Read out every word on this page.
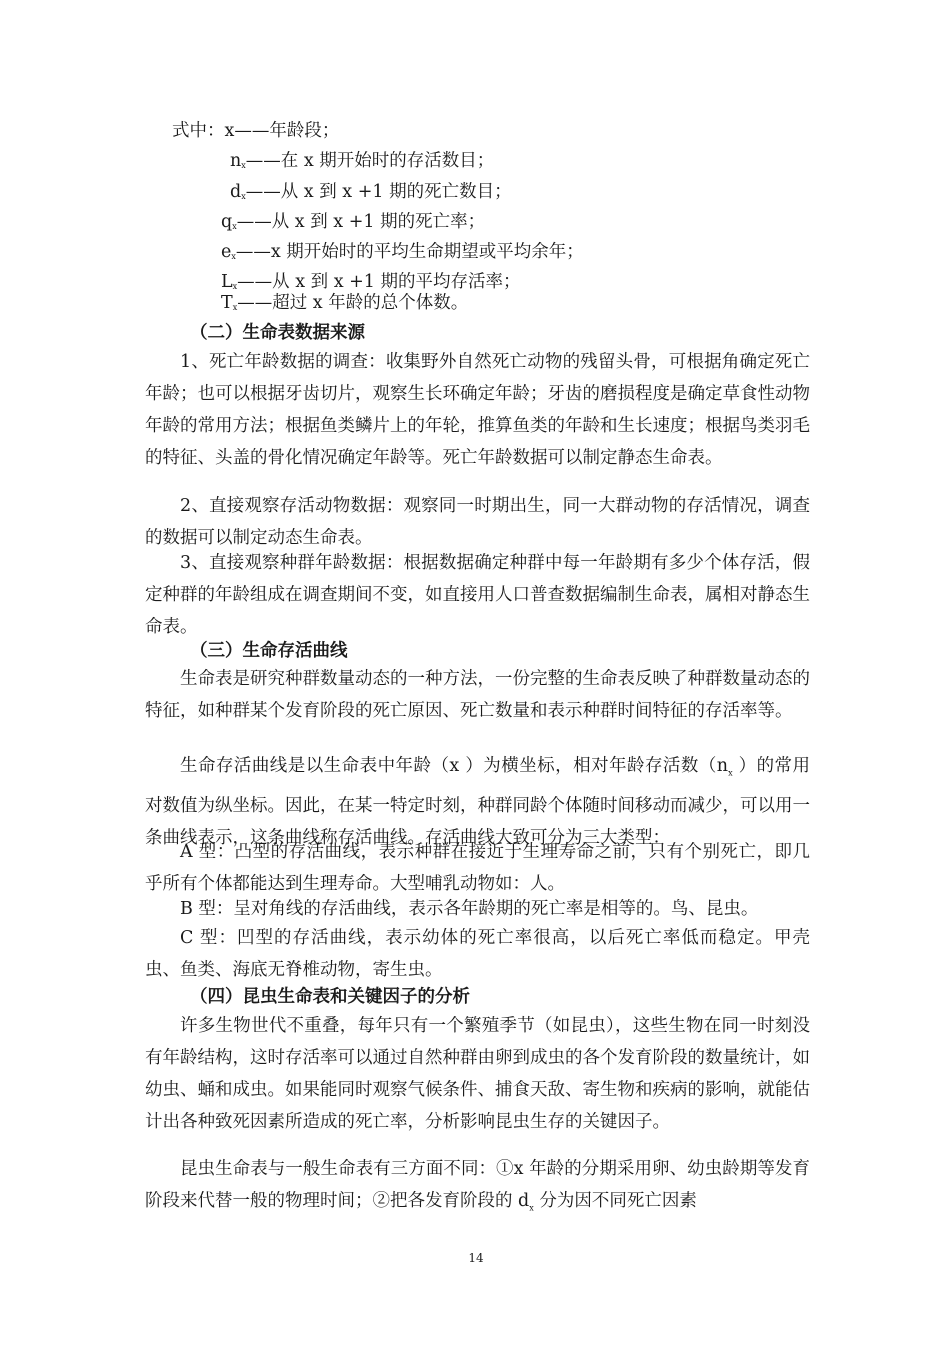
式中：x——年龄段；
$n_x——$在 x 期开始时的存活数目；
$d_x——$从 x 到 x +1 期的死亡数目；
$q_x——$从 x 到 x +1 期的死亡率；
$e_x——x$ 期开始时的平均生命期望或平均余年；
$L_x——$从 x 到 x +1 期的平均存活率；
$T_x——$超过 x 年龄的总个体数。
（二）生命表数据来源

1、死亡年龄数据的调查：收集野外自然死亡动物的残留头骨，可根据角确定死亡年龄；也可以根据牙齿切片，观察生长环确定年龄；牙齿的磨损程度是确定草食性动物年龄的常用方法；根据鱼类鳞片上的年轮，推算鱼类的年龄和生长速度；根据鸟类羽毛的特征、头盖的骨化情况确定年龄等。死亡年龄数据可以制定静态生命表。

2、直接观察存活动物数据：观察同一时期出生，同一大群动物的存活情况，调查的数据可以制定动态生命表。

3、直接观察种群年龄数据：根据数据确定种群中每一年龄期有多少个体存活，假定种群的年龄组成在调查期间不变，如直接用人口普查数据编制生命表，属相对静态生命表。

（三）生命存活曲线

生命表是研究种群数量动态的一种方法，一份完整的生命表反映了种群数量动态的特征，如种群某个发育阶段的死亡原因、死亡数量和表示种群时间特征的存活率等。

生命存活曲线是以生命表中年龄（x ）为横坐标，相对年龄存活数（$n_x$ ）的常用对数值为纵坐标。因此，在某一特定时刻，种群同龄个体随时间移动而减少，可以用一条曲线表示，这条曲线称存活曲线。存活曲线大致可分为三大类型：

A 型：凸型的存活曲线，表示种群在接近于生理寿命之前，只有个别死亡，即几乎所有个体都能达到生理寿命。大型哺乳动物如：人。

B 型：呈对角线的存活曲线，表示各年龄期的死亡率是相等的。鸟、昆虫。

C 型：凹型的存活曲线，表示幼体的死亡率很高，以后死亡率低而稳定。甲壳虫、鱼类、海底无脊椎动物，寄生虫。

（四）昆虫生命表和关键因子的分析

许多生物世代不重叠，每年只有一个繁殖季节（如昆虫），这些生物在同一时刻没有年龄结构，这时存活率可以通过自然种群由卵到成虫的各个发育阶段的数量统计，如幼虫、蛹和成虫。如果能同时观察气候条件、捕食天敌、寄生物和疾病的影响，就能估计出各种致死因素所造成的死亡率，分析影响昆虫生存的关键因子。

昆虫生命表与一般生命表有三方面不同：①x 年龄的分期采用卵、幼虫龄期等发育阶段来代替一般的物理时间；②把各发育阶段的 $d_x$ 分为因不同死亡因素

14
